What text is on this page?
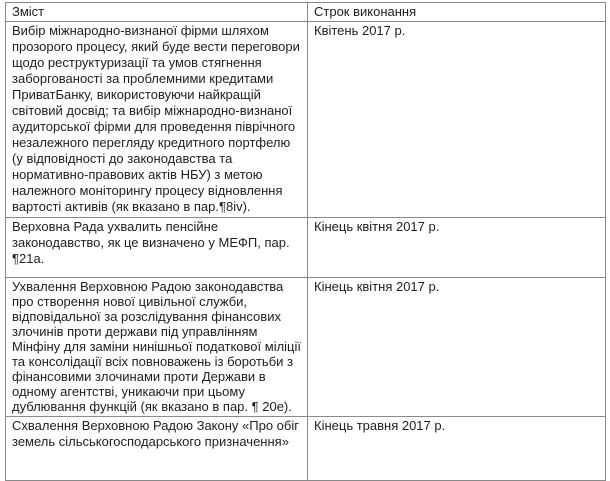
Зміст	Строк виконання
Вибір міжнародно-визнаної фірми шляхом прозорого процесу, який буде вести переговори щодо реструктуризації та умов стягнення заборгованості за проблемними кредитами ПриватБанку, використовуючи найкращій світовий досвід; та вибір міжнародно-визнаної аудиторської фірми для проведення піврічного незалежного перегляду кредитного портфелю (у відповідності до законодавства та нормативно-правових актів НБУ) з метою належного моніторингу процесу відновлення вартості активів (як вказано в пар.¶8iv).	Квітень 2017 р.
Верховна Рада ухвалить пенсійне законодавство, як це визначено у МЕФП, пар. ¶21а.	Кінець квітня 2017 р.
Ухвалення Верховною Радою законодавства про створення нової цивільної служби, відповідальної за розслідування фінансових злочинів проти держави під управлінням Мінфіну для заміни нинішньої податкової міліції та консолідації всіх повноважень із боротьби з фінансовими злочинами проти Держави в одному агентстві, уникаючи при цьому дублювання функцій (як вказано в пар. ¶ 20е).	Кінець квітня 2017 р.
Схвалення Верховною Радою Закону «Про обіг земель сільськогосподарського призначення»	Кінець травня 2017 р.
